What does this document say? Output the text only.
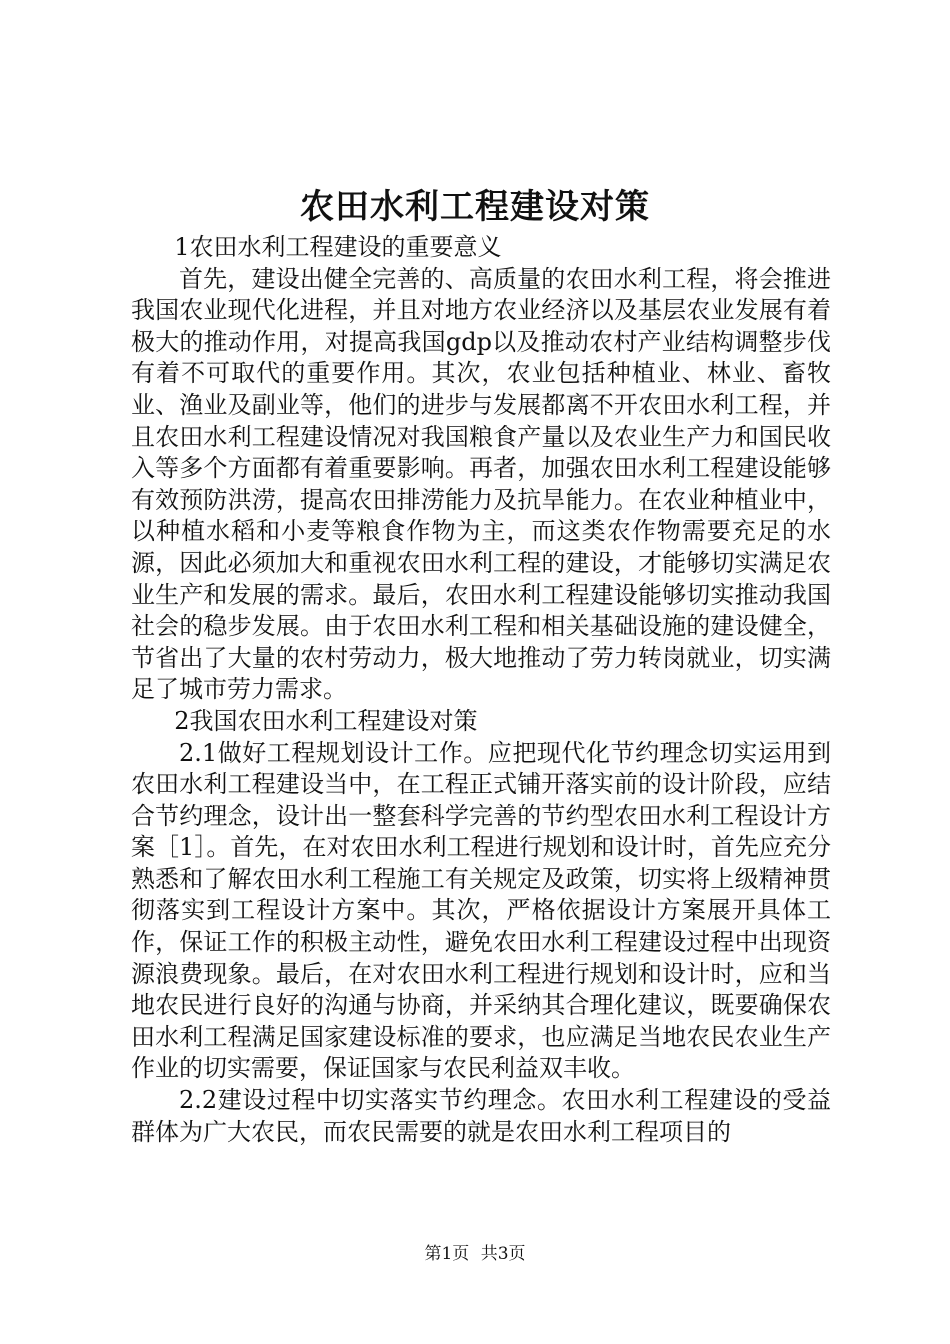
农田水利工程建设对策

1农田水利工程建设的重要意义

首先，建设出健全完善的、高质量的农田水利工程，将会推进我国农业现代化进程，并且对地方农业经济以及基层农业发展有着极大的推动作用，对提高我国gdp以及推动农村产业结构调整步伐有着不可取代的重要作用。其次，农业包括种植业、林业、畜牧业、渔业及副业等，他们的进步与发展都离不开农田水利工程，并且农田水利工程建设情况对我国粮食产量以及农业生产力和国民收入等多个方面都有着重要影响。再者，加强农田水利工程建设能够有效预防洪涝，提高农田排涝能力及抗旱能力。在农业种植业中，以种植水稻和小麦等粮食作物为主，而这类农作物需要充足的水源，因此必须加大和重视农田水利工程的建设，才能够切实满足农业生产和发展的需求。最后，农田水利工程建设能够切实推动我国社会的稳步发展。由于农田水利工程和相关基础设施的建设健全，节省出了大量的农村劳动力，极大地推动了劳力转岗就业，切实满足了城市劳力需求。

2我国农田水利工程建设对策

2.1做好工程规划设计工作。应把现代化节约理念切实运用到农田水利工程建设当中，在工程正式铺开落实前的设计阶段，应结合节约理念，设计出一整套科学完善的节约型农田水利工程设计方案［1］。首先，在对农田水利工程进行规划和设计时，首先应充分熟悉和了解农田水利工程施工有关规定及政策，切实将上级精神贯彻落实到工程设计方案中。其次，严格依据设计方案展开具体工作，保证工作的积极主动性，避免农田水利工程建设过程中出现资源浪费现象。最后，在对农田水利工程进行规划和设计时，应和当地农民进行良好的沟通与协商，并采纳其合理化建议，既要确保农田水利工程满足国家建设标准的要求，也应满足当地农民农业生产作业的切实需要，保证国家与农民利益双丰收。

2.2建设过程中切实落实节约理念。农田水利工程建设的受益群体为广大农民，而农民需要的就是农田水利工程项目的

第1页 共3页
